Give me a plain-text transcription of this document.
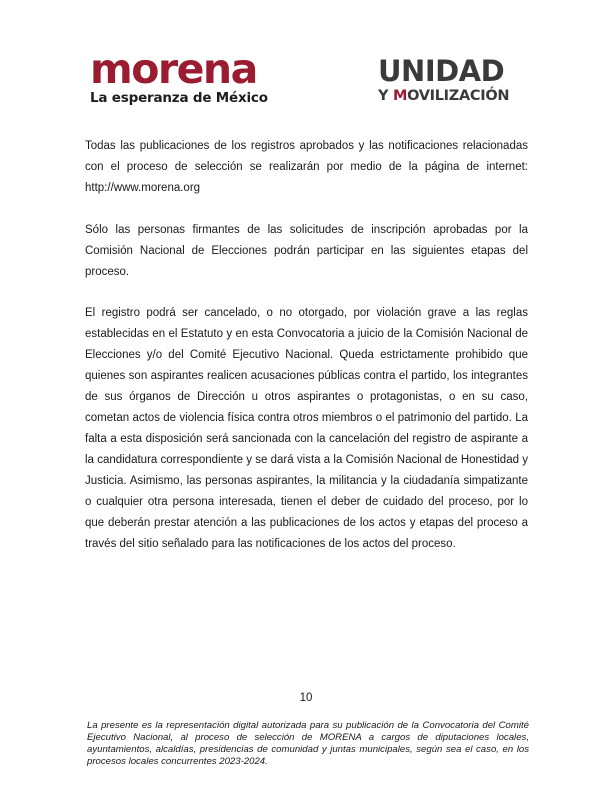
morena
La esperanza de México
UNIDAD
Y MOVILIZACIÓN

Todas las publicaciones de los registros aprobados y las notificaciones relacionadas con el proceso de selección se realizarán por medio de la página de internet: http://www.morena.org

Sólo las personas firmantes de las solicitudes de inscripción aprobadas por la Comisión Nacional de Elecciones podrán participar en las siguientes etapas del proceso.

El registro podrá ser cancelado, o no otorgado, por violación grave a las reglas establecidas en el Estatuto y en esta Convocatoria a juicio de la Comisión Nacional de Elecciones y/o del Comité Ejecutivo Nacional. Queda estrictamente prohibido que quienes son aspirantes realicen acusaciones públicas contra el partido, los integrantes de sus órganos de Dirección u otros aspirantes o protagonistas, o en su caso, cometan actos de violencia física contra otros miembros o el patrimonio del partido. La falta a esta disposición será sancionada con la cancelación del registro de aspirante a la candidatura correspondiente y se dará vista a la Comisión Nacional de Honestidad y Justicia. Asimismo, las personas aspirantes, la militancia y la ciudadanía simpatizante o cualquier otra persona interesada, tienen el deber de cuidado del proceso, por lo que deberán prestar atención a las publicaciones de los actos y etapas del proceso a través del sitio señalado para las notificaciones de los actos del proceso.

10
La presente es la representación digital autorizada para su publicación de la Convocatoria del Comité Ejecutivo Nacional, al proceso de selección de MORENA a cargos de diputaciones locales, ayuntamientos, alcaldías, presidencias de comunidad y juntas municipales, según sea el caso, en los procesos locales concurrentes 2023-2024.
